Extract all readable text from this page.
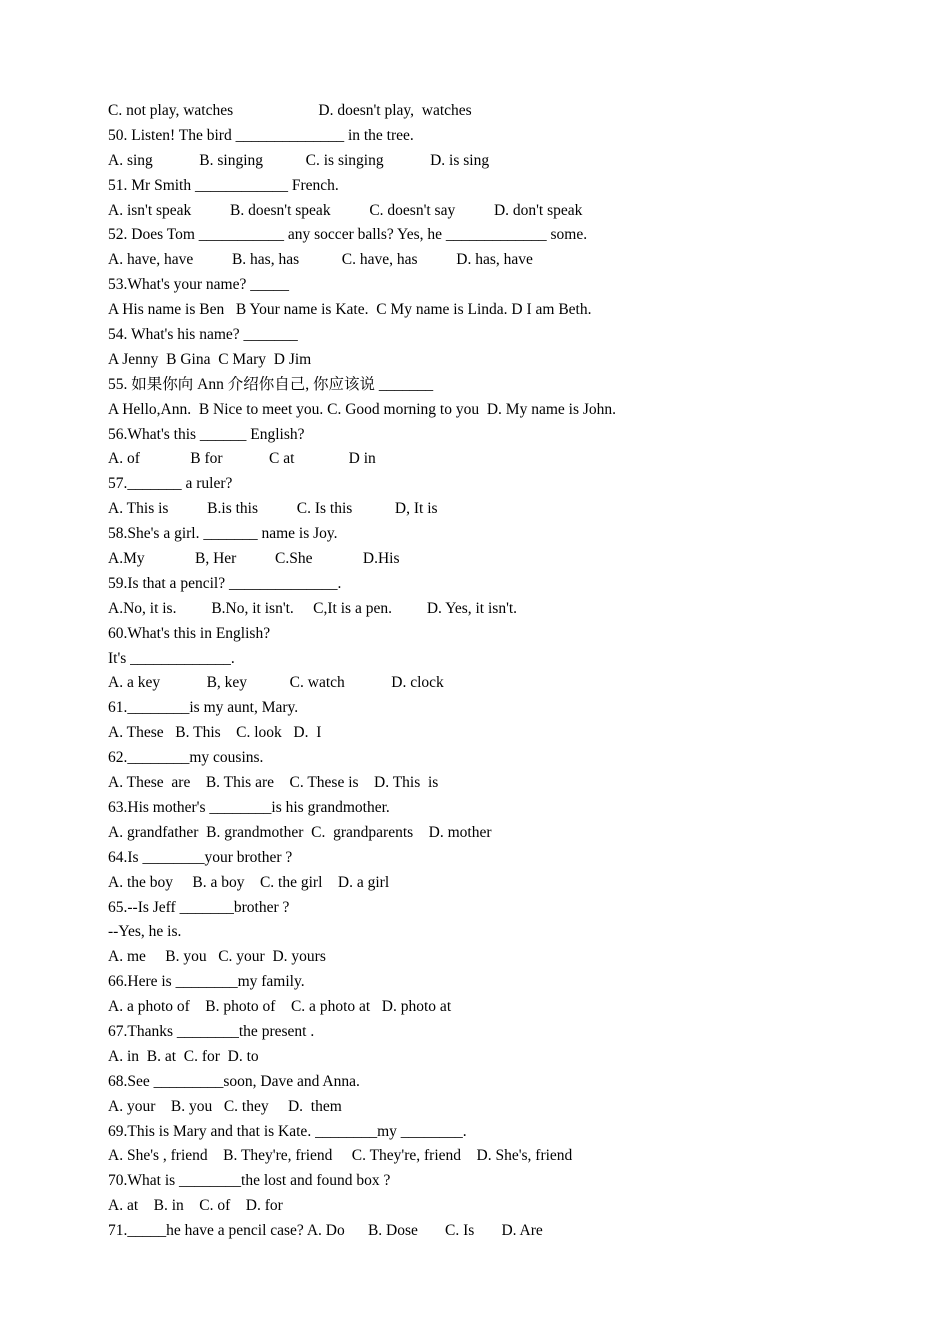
C. not play, watches                      D. doesn't play,  watches
50. Listen! The bird ______________ in the tree.
A. sing            B. singing           C. is singing            D. is sing
51. Mr Smith ____________ French.
A. isn't speak          B. doesn't speak          C. doesn't say          D. don't speak
52. Does Tom ___________ any soccer balls? Yes, he _____________ some.
A. have, have          B. has, has           C. have, has          D. has, have
53.What's your name? _____
A His name is Ben   B Your name is Kate.  C My name is Linda. D I am Beth.
54. What's his name? _______
A Jenny  B Gina  C Mary  D Jim
55. 如果你向 Ann 介绍你自己, 你应该说 _______
A Hello,Ann.  B Nice to meet you. C. Good morning to you  D. My name is John.
56.What's this ______ English?
A. of             B for            C at              D in
57._______ a ruler?
A. This is          B.is this          C. Is this           D, It is
58.She's a girl. _______ name is Joy.
A.My             B, Her          C.She             D.His
59.Is that a pencil? ______________.
A.No, it is.         B.No, it isn't.     C,It is a pen.         D. Yes, it isn't.
60.What's this in English?
It's _____________.
A. a key            B, key           C. watch            D. clock
61.________is my aunt, Mary.
A. These   B. This    C. look   D.  I
62.________my cousins.
A. These  are    B. This are    C. These is    D. This  is
63.His mother's ________is his grandmother.
A. grandfather  B. grandmother  C.  grandparents    D. mother
64.Is ________your brother ?
A. the boy     B. a boy    C. the girl    D. a girl
65.--Is Jeff _______brother ?
--Yes, he is.
A. me     B. you   C. your  D. yours
66.Here is ________my family.
A. a photo of    B. photo of    C. a photo at   D. photo at
67.Thanks ________the present .
A. in  B. at  C. for  D. to
68.See _________soon, Dave and Anna.
A. your    B. you   C. they     D.  them
69.This is Mary and that is Kate. ________my ________.
A. She's , friend    B. They're, friend     C. They're, friend    D. She's, friend
70.What is ________the lost and found box ?
A. at    B. in    C. of    D. for
71._____he have a pencil case? A. Do      B. Dose       C. Is       D. Are
